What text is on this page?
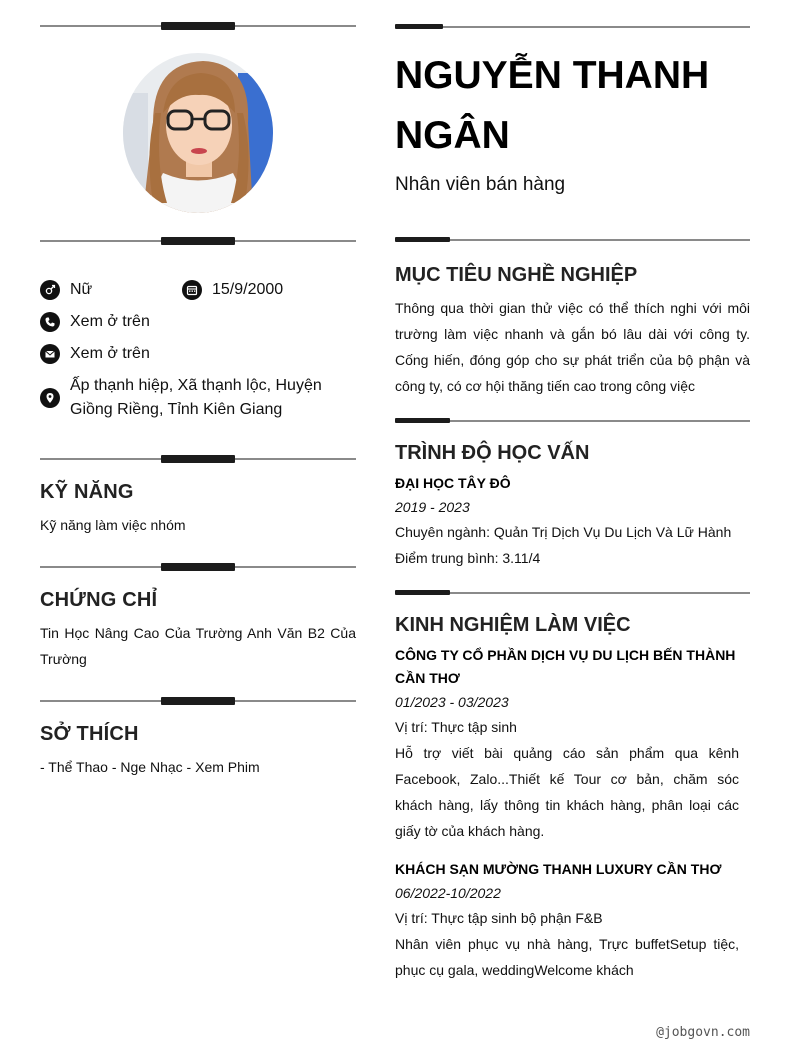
Nữ	15/9/2000
Xem ở trên
Xem ở trên
Ấp thạnh hiệp, Xã thạnh lộc, Huyện Giồng Riềng, Tỉnh Kiên Giang
KỸ NĂNG
Kỹ năng làm việc nhóm
CHỨNG CHỈ
Tin Học Nâng Cao Của Trường Anh Văn B2 Của Trường
SỞ THÍCH
- Thể Thao - Nge Nhạc - Xem Phim
NGUYỄN THANH NGÂN
Nhân viên bán hàng
MỤC TIÊU NGHỀ NGHIỆP
Thông qua thời gian thử việc có thể thích nghi với môi trường làm việc nhanh và gắn bó lâu dài với công ty. Cống hiến, đóng góp cho sự phát triển của bộ phận và công ty, có cơ hội thăng tiến cao trong công việc
TRÌNH ĐỘ HỌC VẤN
ĐẠI HỌC TÂY ĐÔ
2019 - 2023
Chuyên ngành: Quản Trị Dịch Vụ Du Lịch Và Lữ Hành
Điểm trung bình: 3.11/4
KINH NGHIỆM LÀM VIỆC
CÔNG TY CỔ PHẦN DỊCH VỤ DU LỊCH BẾN THÀNH CẦN THƠ
01/2023 - 03/2023
Vị trí: Thực tập sinh
Hỗ trợ viết bài quảng cáo sản phẩm qua kênh Facebook, Zalo...Thiết kế Tour cơ bản, chăm sóc khách hàng, lấy thông tin khách hàng, phân loại các giấy tờ của khách hàng.
KHÁCH SẠN MƯỜNG THANH LUXURY CẦN THƠ
06/2022-10/2022
Vị trí: Thực tập sinh bộ phận F&B
Nhân viên phục vụ nhà hàng, Trực buffetSetup tiệc, phục cụ gala, weddingWelcome khách
@jobgovn.com
